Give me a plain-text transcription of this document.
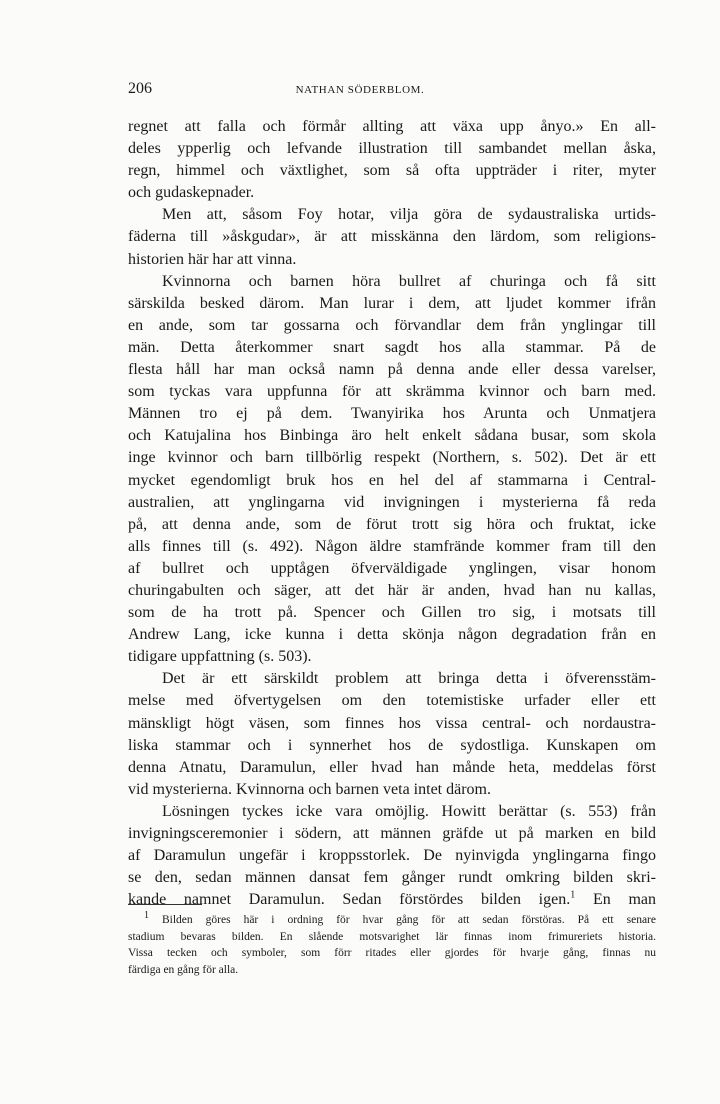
206	NATHAN SÖDERBLOM.
regnet att falla och förmår allting att växa upp ånyo.» En all-
deles ypperlig och lefvande illustration till sambandet mellan åska,
regn, himmel och växtlighet, som så ofta uppträder i riter, myter
och gudaskepnader.
Men att, såsom Foy hotar, vilja göra de sydaustraliska urtids-
fäderna till »åskgudar», är att misskänna den lärdom, som religions-
historien här har att vinna.
Kvinnorna och barnen höra bullret af churinga och få sitt
särskilda besked därom. Man lurar i dem, att ljudet kommer ifrån
en ande, som tar gossarna och förvandlar dem från ynglingar till
män. Detta återkommer snart sagdt hos alla stammar. På de
flesta håll har man också namn på denna ande eller dessa varelser,
som tyckas vara uppfunna för att skrämma kvinnor och barn med.
Männen tro ej på dem. Twanyirika hos Arunta och Unmatjera
och Katujalina hos Binbinga äro helt enkelt sådana busar, som skola
inge kvinnor och barn tillbörlig respekt (Northern, s. 502). Det är ett
mycket egendomligt bruk hos en hel del af stammarna i Central-
australien, att ynglingarna vid invigningen i mysterierna få reda
på, att denna ande, som de förut trott sig höra och fruktat, icke
alls finnes till (s. 492). Någon äldre stamfrände kommer fram till den
af bullret och upptågen öfverväldigade ynglingen, visar honom
churingabulten och säger, att det här är anden, hvad han nu kallas,
som de ha trott på. Spencer och Gillen tro sig, i motsats till
Andrew Lang, icke kunna i detta skönja någon degradation från en
tidigare uppfattning (s. 503).
Det är ett särskildt problem att bringa detta i öfverensstäm-
melse med öfvertygelsen om den totemistiske urfader eller ett
mänskligt högt väsen, som finnes hos vissa central- och nordaustra-
liska stammar och i synnerhet hos de sydostliga. Kunskapen om
denna Atnatu, Daramulun, eller hvad han månde heta, meddelas först
vid mysterierna. Kvinnorna och barnen veta intet därom.
Lösningen tyckes icke vara omöjlig. Howitt berättar (s. 553) från
invigningsceremonier i södern, att männen gräfde ut på marken en bild
af Daramulun ungefär i kroppsstorlek. De nyinvigda ynglingarna fingo
se den, sedan männen dansat fem gånger rundt omkring bilden skri-
kande namnet Daramulun. Sedan förstördes bilden igen.$^1$ En man
1 Bilden göres här i ordning för hvar gång för att sedan förstöras. På ett senare
stadium bevaras bilden. En slående motsvarighet lär finnas inom frimureriets historia.
Vissa tecken och symboler, som förr ritades eller gjordes för hvarje gång, finnas nu
färdiga en gång för alla.
